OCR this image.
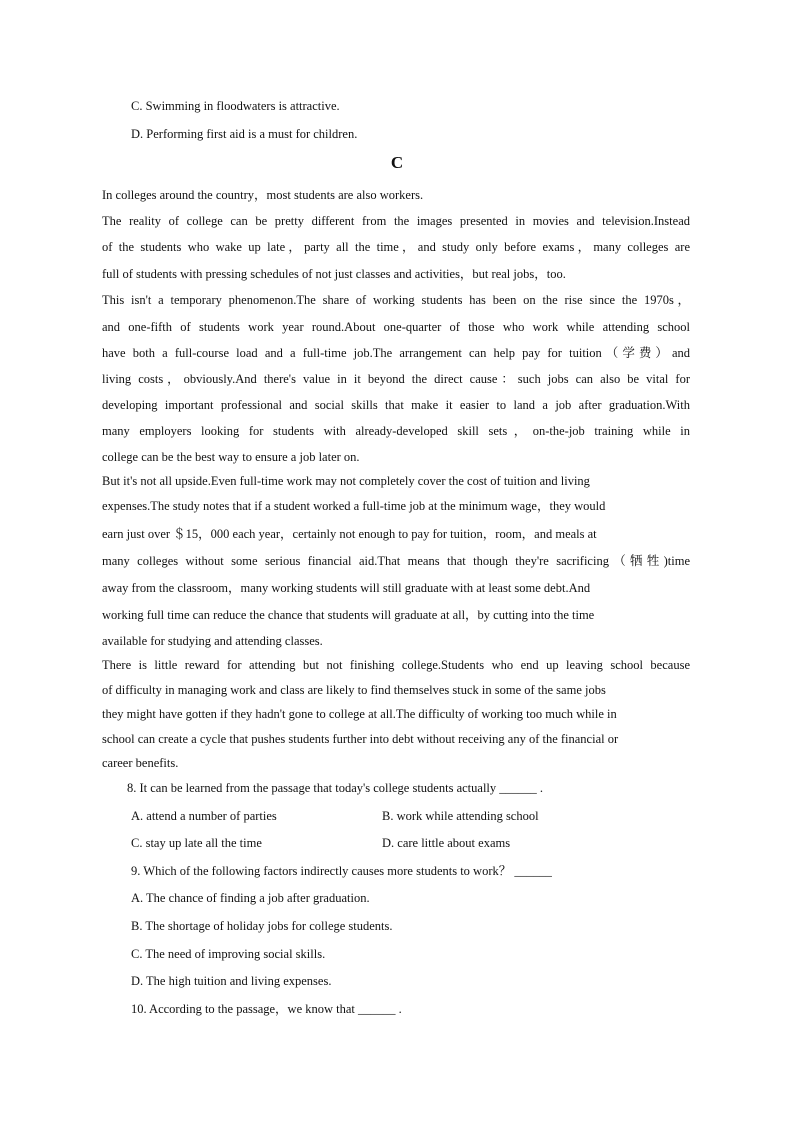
C. Swimming in floodwaters is attractive.
D. Performing first aid is a must for children.
C
In colleges around the country，most students are also workers.
The reality of college can be pretty different from the images presented in movies and television.Instead
of the students who wake up late，party all the time，and study only before exams，many colleges are
full of students with pressing schedules of not just classes and activities，but real jobs，too.
This isn't a temporary phenomenon.The share of working students has been on the rise since the 1970s，
and one-fifth of students work year round.About one-quarter of those who work while attending school
have both a full-course load and a full-time job.The arrangement can help pay for tuition（学费）and
living costs，obviously.And there's value in it beyond the direct cause：such jobs can also be vital for
developing important professional and social skills that make it easier to land a job after graduation.With
many employers looking for students with already-developed skill sets，on-the-job training while in
college can be the best way to ensure a job later on.
But it's not all upside.Even full-time work may not completely cover the cost of tuition and living
expenses.The study notes that if a student worked a full-time job at the minimum wage，they would
earn just over ＄15，000 each year，certainly not enough to pay for tuition，room，and meals at
many colleges without some serious financial aid.That means that though they're sacrificing（牺牲)time
away from the classroom，many working students will still graduate with at least some debt.And
working full time can reduce the chance that students will graduate at all，by cutting into the time
available for studying and attending classes.
There is little reward for attending but not finishing college.Students who end up leaving school because
of difficulty in managing work and class are likely to find themselves stuck in some of the same jobs
they might have gotten if they hadn't gone to college at all.The difficulty of working too much while in
school can create a cycle that pushes students further into debt without receiving any of the financial or
career benefits.
8. It can be learned from the passage that today's college students actually ______ .
A. attend a number of parties	B. work while attending school
C. stay up late all the time	D. care little about exams
9. Which of the following factors indirectly causes more students to work？ ______
A. The chance of finding a job after graduation.
B. The shortage of holiday jobs for college students.
C. The need of improving social skills.
D. The high tuition and living expenses.
10. According to the passage，we know that ______ .
